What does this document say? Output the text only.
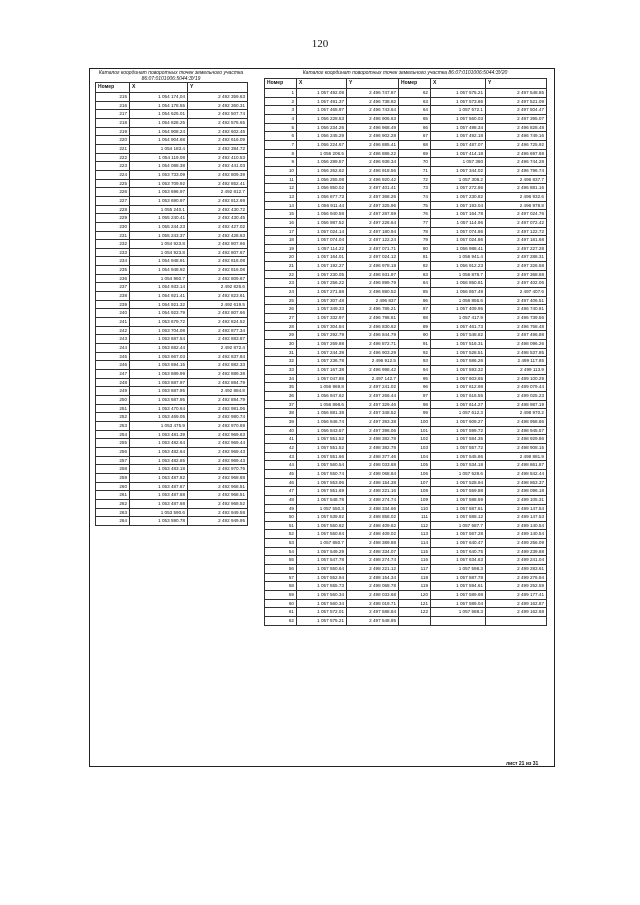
120
Каталог координат поворотных точек земельного участка 86:07:0101006:5044:ЗУ19
Номер	X	Y
215	1 054 174,04	2 492 359.63
216	1 054 178.55	2 492 360.31
217	1 054 625.01	2 492 507.74
218	1 054 828.25	2 492 575.65
219	1 054 908.24	2 492 602.45
220	1 054 904.68	2 492 616.09
221	1 054 183.4	2 492 384.72
222	1 054 119.08	2 492 410.53
223	1 054 088.38	2 492 441.03
224	1 053 733.09	2 492 809.39
225	1 053 709.92	2 492 852.41
226	1 053 696.97	2 492 812.7
227	1 053 690.97	2 492 812.69
228	1 055 240.1	2 492 430.72
229	1 055 240.41	2 492 430.45
230	1 055 244.23	2 492 427.02
231	1 055 243.37	2 492 428.63
232	1 054 923.8	2 492 807.66
233	1 054 923.8	2 492 807.67
234	1 054 948.91	2 492 816.08
235	1 054 948.92	2 492 816.08
236	1 054 960.7	2 492 809.67
237	1 054 933.14	2 492 826.6
238	1 054 921.41	2 492 823.61
239	1 054 921.32	2 492 619.5
240	1 054 923.79	2 492 807.66
241	1 053 679.72	2 492 824.52
242	1 053 704.08	2 492 877.34
243	1 053 687.54	2 492 883.87
244	1 053 682.44	2 492 872.4
245	1 053 667.03	2 492 837.84
246	1 053 694.15	2 492 882.33
247	1 053 689.99	2 492 889.38
248	1 053 687.97	2 492 884.79
249	1 053 687.95	2 492 884.8
250	1 053 687.95	2 492 884.79
251	1 053 470.64	2 492 981.06
252	1 053 469.05	2 492 980.74
253	1 053 475.9	2 492 970.69
254	1 053 481.39	2 492 969.63
255	1 053 482.64	2 492 969.44
256	1 053 482.64	2 492 969.43
257	1 053 482.65	2 492 969.43
258	1 053 483.18	2 492 970.76
259	1 053 487.82	2 492 968.88
260	1 053 487.67	2 492 968.51
261	1 053 487.68	2 492 968.51
262	1 053 487.68	2 492 968.52
263	1 053 590.6	2 492 949.58
264	1 053 590.78	2 492 949.95
Каталог координат поворотных точек земельного участка 86:07:0101006:5044:ЗУ20
Номер	X	Y	Номер	X	Y
1	1 057 492.08	2 496 747.87	62	1 057 575.21	2 497 548.85
2	1 057 491.37	2 496 738.82	63	1 057 573.86	2 497 521.09
3	1 057 465.97	2 496 743.64	64	1 057 572.1	2 497 504.47
4	1 056 228.53	2 496 906.63	65	1 057 560.03	2 497 395.07
5	1 056 234.26	2 496 968.49	66	1 057 498.34	2 496 828.48
6	1 056 245.29	2 496 902.28	67	1 057 492.18	2 496 749.16
7	1 056 224.67	2 496 885.41	68	1 057 487.07	2 496 725.92
8	1 056 206.5	2 496 886.22	69	1 057 414.18	2 496 697.68
9	1 056 289.57	2 496 938.34	70	1 057 360	2 496 744.28
10	1 056 262.62	2 496 918.56	71	1 057 344.02	2 496 796.74
11	1 056 255.08	2 496 920.42	72	1 057 308.2	2 496 837.7
12	1 056 850.02	2 497 401.41	73	1 057 272.86	2 496 881.16
13	1 056 877.73	2 497 368.26	74	1 057 230.82	2 496 932.6
14	1 056 911.44	2 497 325.96	75	1 057 193.04	2 496 978.8
15	1 056 940.58	2 497 287.69	76	1 057 164.78	2 497 024.76
16	1 056 987.52	2 497 226.64	77	1 057 114.96	2 497 072.42
17	1 057 024.14	2 497 180.94	78	1 057 074.86	2 497 122.72
18	1 057 074.04	2 497 122.24	79	1 057 024.86	2 497 181.68
19	1 057 114.22	2 497 071.71	80	1 056 988.41	2 497 227.28
20	1 057 164.01	2 497 024.12	81	1 056 941.4	2 497 288.31
21	1 057 192.27	2 496 978.18	82	1 056 912.23	2 497 326.58
22	1 057 230.05	2 496 931.97	83	1 056 878.7	2 497 368.68
23	1 057 256.22	2 496 899.79	84	1 056 850.81	2 497 402.06
24	1 057 271.88	2 496 880.52	85	1 056 857.49	2 497 407.6
25	1 057 307.48	2 496 837	86	1 056 856.6	2 497 406.51
26	1 057 349.33	2 496 786.21	87	1 057 409.95	2 496 740.81
27	1 057 332.97	2 496 798.61	88	1 057 417.9	2 496 739.56
28	1 057 304.84	2 496 830.62	89	1 057 461.73	2 496 768.48
29	1 057 292.79	2 496 844.79	90	1 057 548.82	2 497 496.88
30	1 057 269.88	2 496 872.71	91	1 057 516.31	2 498 096.26
31	1 057 244.39	2 496 903.29	92	1 057 528.51	2 498 537.85
32	1 057 236.78	2 496 912.5	93	1 057 586.26	2 499 117.85
33	1 057 167.38	2 496 998.42	94	1 057 593.32	2 499 113.9
34	1 057 047.88	2 497 142.7	95	1 057 603.65	2 499 100.29
35	1 056 969.8	2 497 241.02	96	1 057 612.98	2 499 079.44
36	1 056 947.62	2 497 266.44	97	1 057 616.55	2 499 025.23
37	1 056 898.6	2 497 329.46	98	1 057 614.27	2 498 987.19
38	1 056 881.38	2 497 348.52	99	1 057 612.3	2 498 970.2
39	1 056 846.74	2 497 393.38	100	1 057 609.27	2 498 958.86
40	1 056 843.57	2 497 396.06	101	1 057 599.72	2 498 945.57
41	1 057 551.52	2 498 382.78	102	1 057 584.35	2 498 929.86
42	1 057 551.52	2 498 382.78	103	1 057 557.72	2 498 908.15
43	1 057 551.66	2 498 377.46	104	1 057 545.86	2 498 881.9
44	1 057 560.54	2 498 033.68	105	1 057 534.18	2 498 861.87
45	1 057 550.74	2 498 068.84	106	1 057 528.6	2 498 842.44
46	1 057 553.96	2 498 154.38	107	1 057 528.94	2 498 863.37
47	1 057 551.69	2 498 221.16	108	1 057 559.88	2 498 096.18
48	1 057 548.78	2 498 274.74	109	1 057 588.69	2 499 105.31
49	1 057 550.3	2 498 334.66	110	1 057 587.61	2 499 147.54
50	1 057 539.92	2 498 858.02	111	1 057 588.12	2 499 147.53
51	1 057 550.82	2 498 409.62	112	1 057 587.7	2 499 140.54
52	1 057 550.84	2 498 409.02	113	1 057 567.28	2 499 140.54
53	1 057 850.7	2 498 389.88	114	1 057 640.47	2 499 256.09
54	1 057 549.29	2 498 334.07	115	1 057 640.75	2 499 239.88
55	1 057 547.78	2 498 274.74	116	1 057 634.63	2 499 241.04
56	1 057 550.64	2 498 221.12	117	1 057 598.3	2 499 283.61
57	1 057 552.94	2 498 154.34	118	1 057 587.78	2 499 276.94
58	1 057 555.73	2 498 068.78	119	1 057 594.61	2 499 252.59
59	1 057 560.34	2 498 033.68	120	1 057 589.98	2 499 177.41
60	1 057 560.34	2 498 019.71	121	1 057 589.04	2 499 162.87
61	1 057 572.01	2 497 588.84	122	1 057 588.3	2 499 162.68
62	1 057 575.21	2 497 548.85			
лист 21 из 31
